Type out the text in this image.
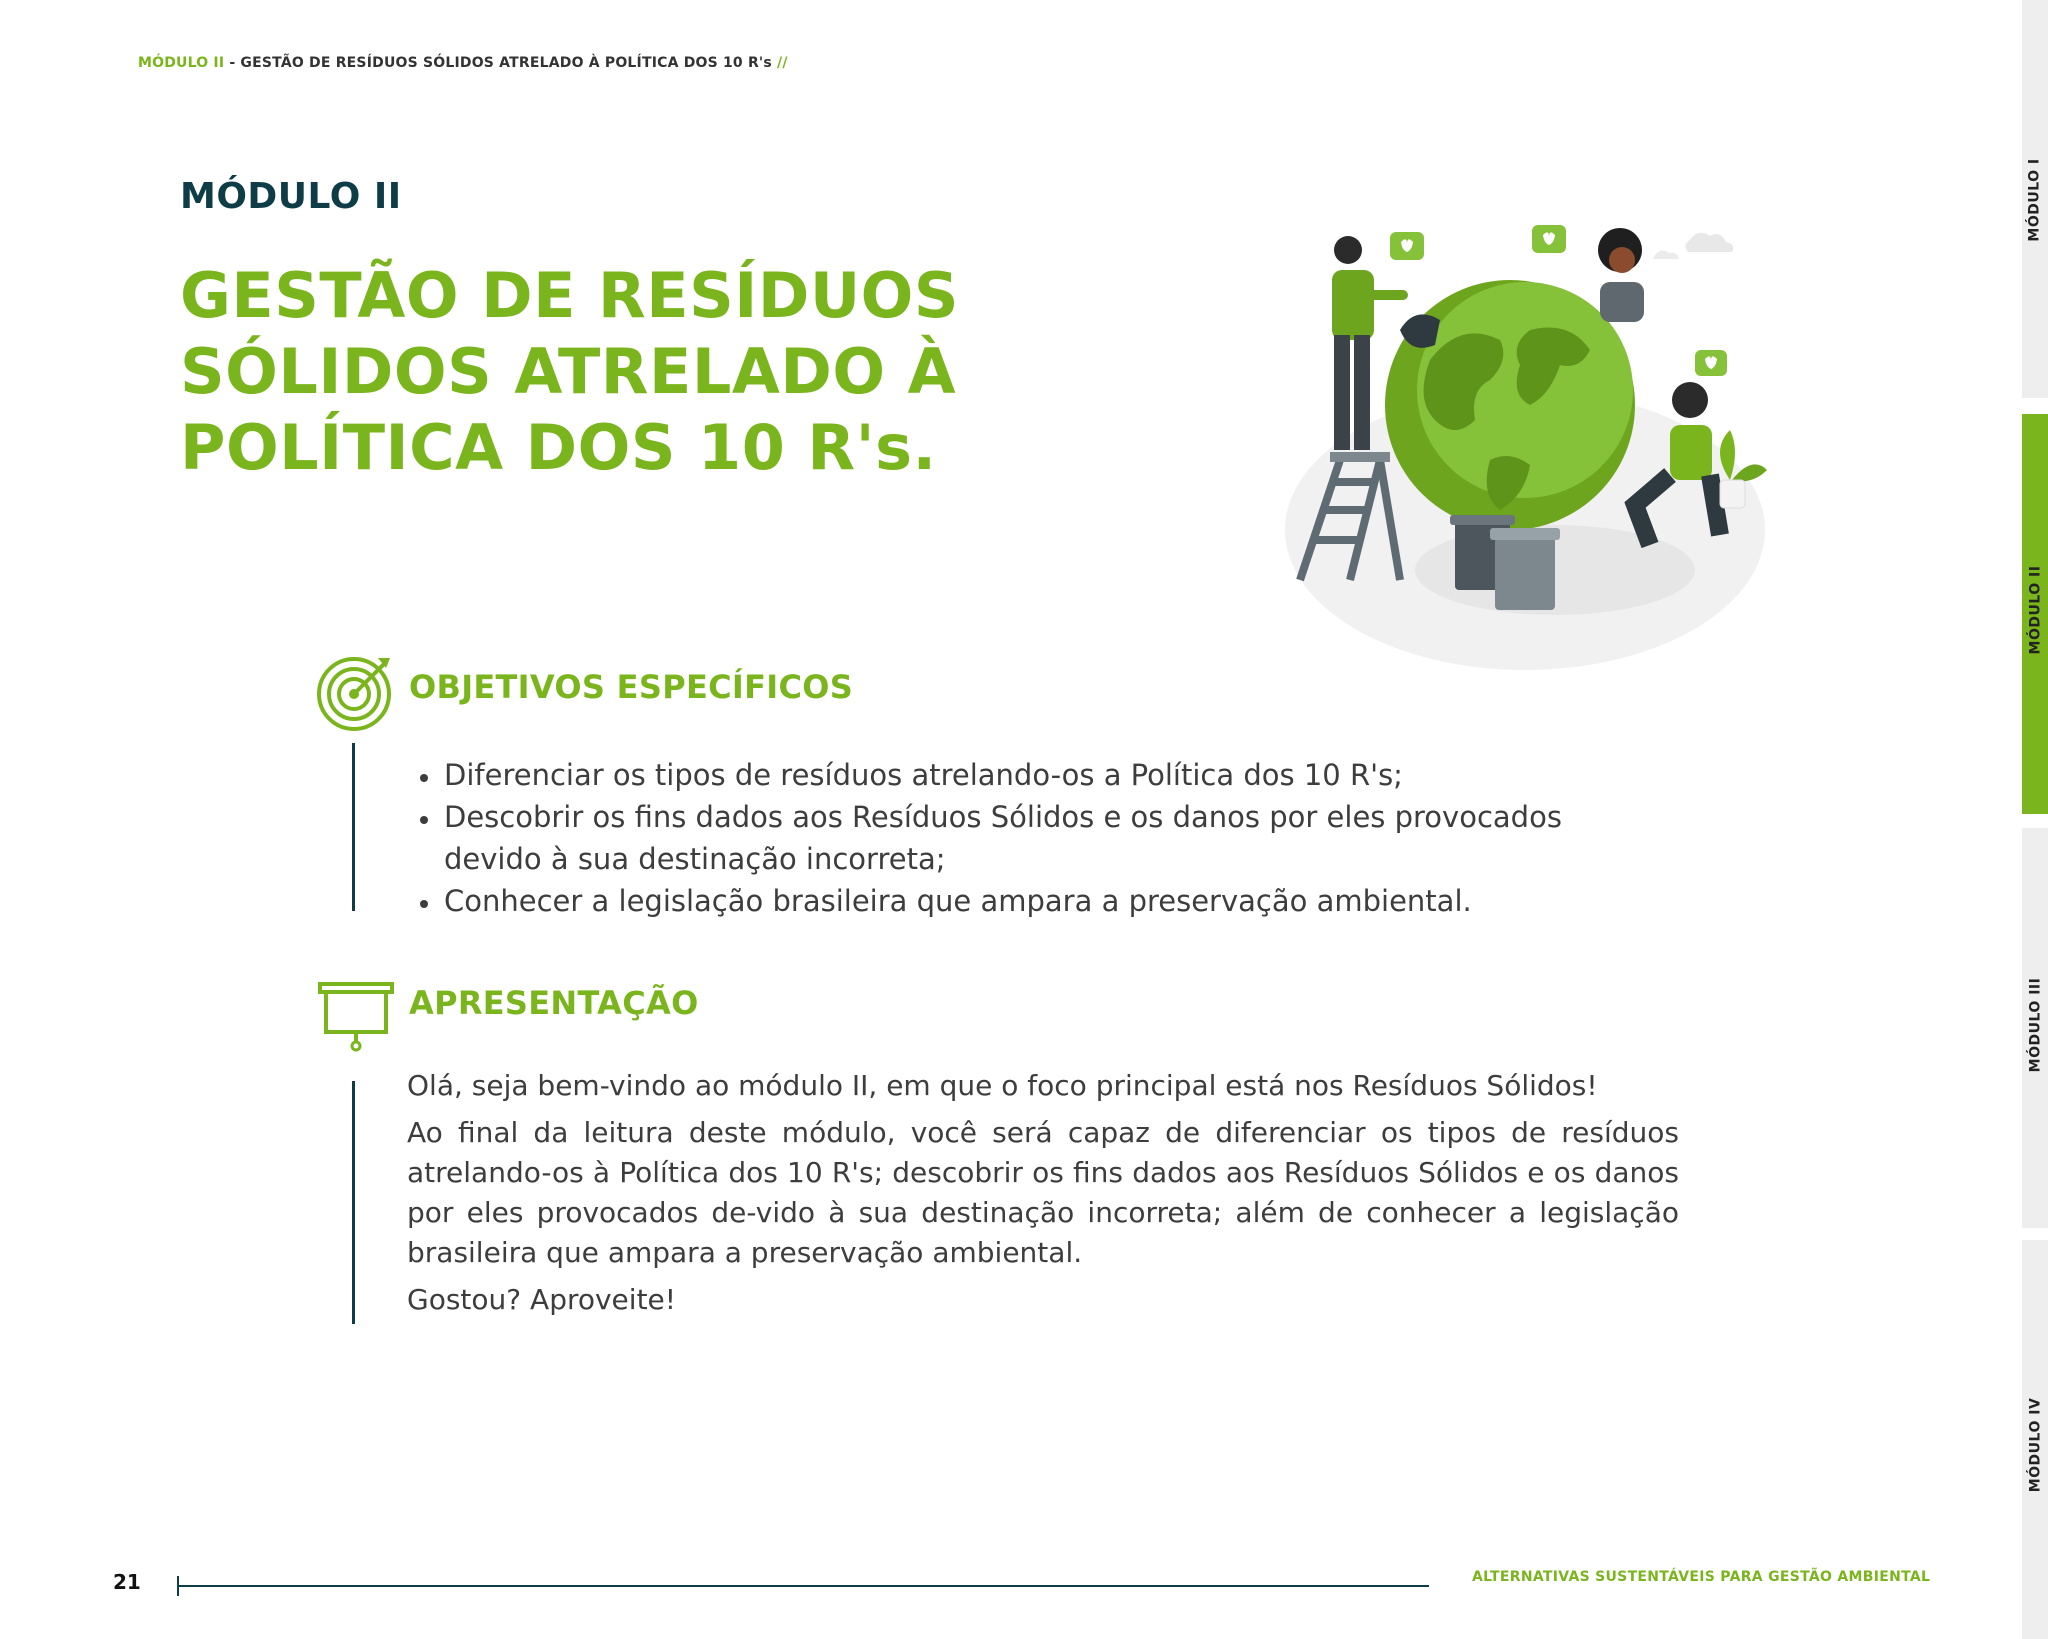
MÓDULO II - GESTÃO DE RESÍDUOS SÓLIDOS ATRELADO À POLÍTICA DOS 10 R's //
MÓDULO II
GESTÃO DE RESÍDUOS
SÓLIDOS ATRELADO À
POLÍTICA DOS 10 R's.
OBJETIVOS ESPECÍFICOS
• Diferenciar os tipos de resíduos atrelando-os a Política dos 10 R's;
• Descobrir os fins dados aos Resíduos Sólidos e os danos por eles provocados devido à sua destinação incorreta;
• Conhecer a legislação brasileira que ampara a preservação ambiental.
APRESENTAÇÃO

Olá, seja bem-vindo ao módulo II, em que o foco principal está nos Resíduos Sólidos!

Ao final da leitura deste módulo, você será capaz de diferenciar os tipos de resíduos atrelando-os à Política dos 10 R's; descobrir os fins dados aos Resíduos Sólidos e os danos por eles provocados de-vido à sua destinação incorreta; além de conhecer a legislação brasileira que ampara a preservação ambiental.

Gostou? Aproveite!

MÓDULO I
MÓDULO II
MÓDULO III
MÓDULO IV
21	ALTERNATIVAS SUSTENTÁVEIS PARA GESTÃO AMBIENTAL
